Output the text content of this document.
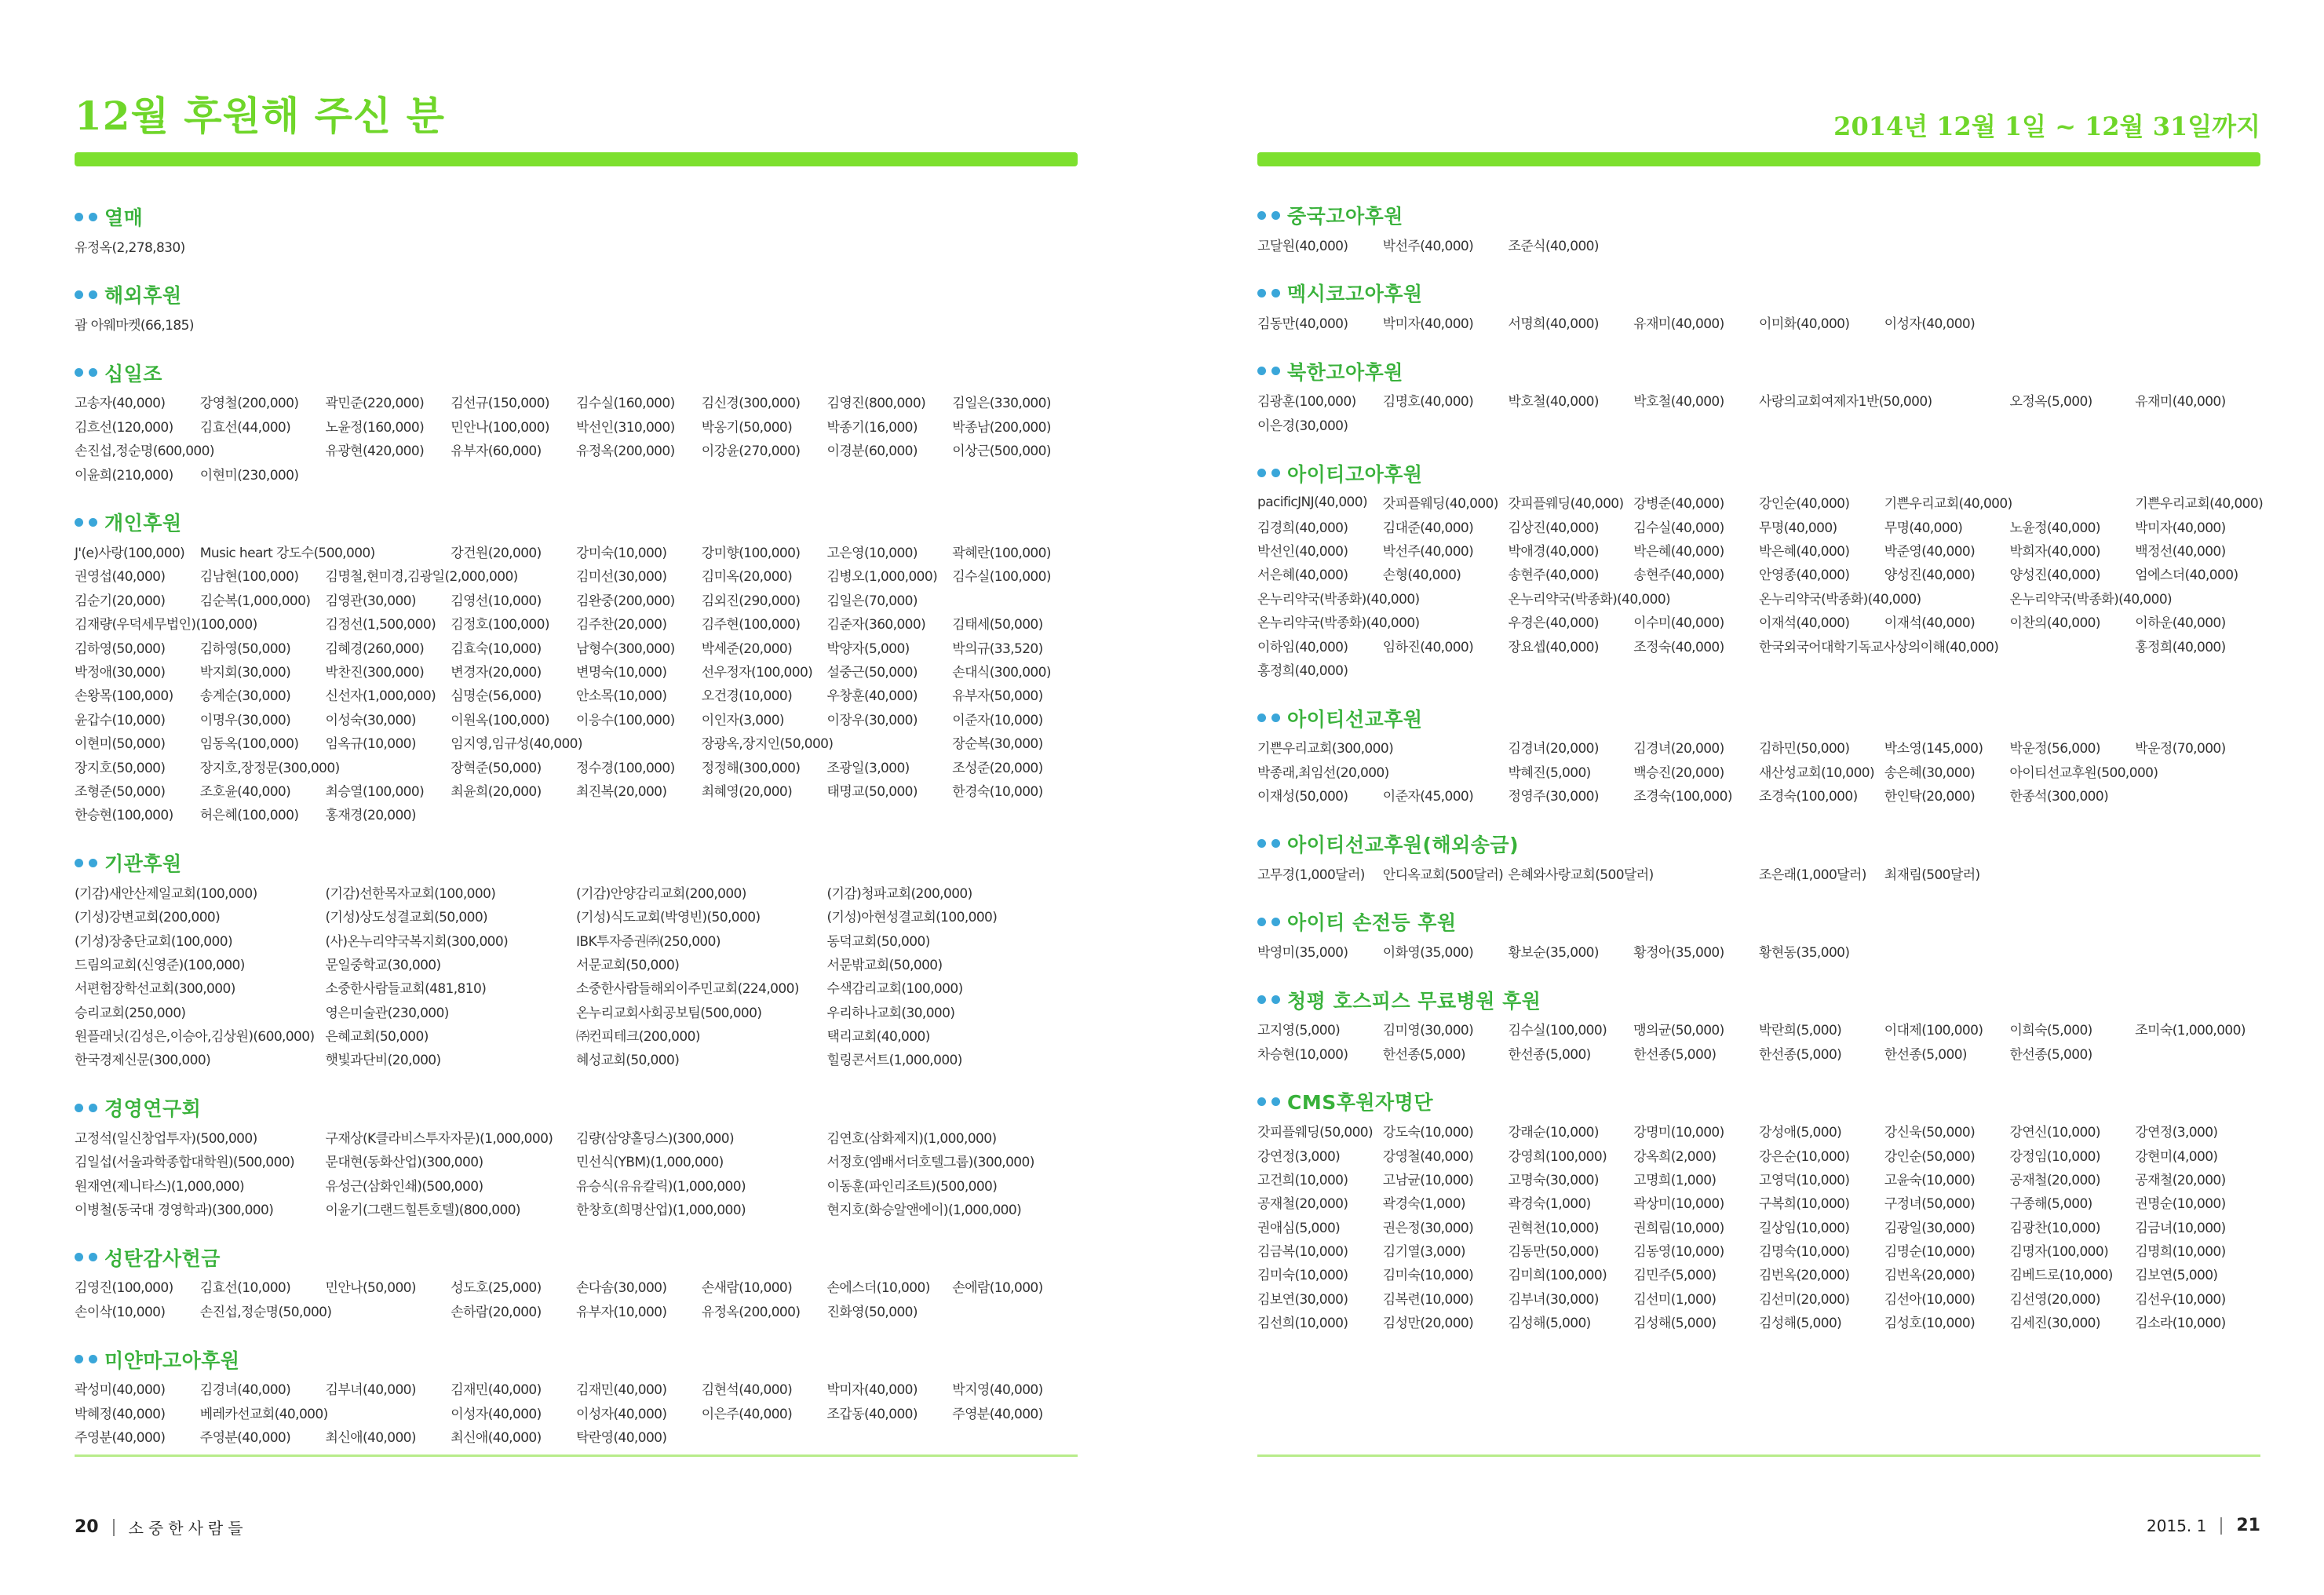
12월 후원해 주신 분
열매
유정옥(2,278,830)
해외후원
괌 아웨마켓(66,185)
십일조
고송자(40,000)	강영철(200,000)	곽민준(220,000)	김선규(150,000)	김수실(160,000)	김신경(300,000)	김영진(800,000)	김일은(330,000)
김흐선(120,000)	김효선(44,000)	노윤정(160,000)	민안나(100,000)	박선인(310,000)	박옹기(50,000)	박종기(16,000)	박종남(200,000)
손진섭,정순명(600,000)	유광현(420,000)	유부자(60,000)	유정옥(200,000)	이강윤(270,000)	이경분(60,000)	이상근(500,000)
이윤희(210,000)	이현미(230,000)
개인후원
J'(e)사랑(100,000)	Music heart 강도수(500,000)	강건원(20,000)	강미숙(10,000)	강미향(100,000)	고은영(10,000)	곽혜란(100,000)
권영섭(40,000)	김남현(100,000)	김명철,현미경,김광일(2,000,000)	김미선(30,000)	김미옥(20,000)	김병오(1,000,000)	김수실(100,000)
김순기(20,000)	김순복(1,000,000)	김영관(30,000)	김영선(10,000)	김완중(200,000)	김외진(290,000)	김일은(70,000)
김재량(우덕세무법인)(100,000)	김정선(1,500,000)	김정호(100,000)	김주찬(20,000)	김주현(100,000)	김준자(360,000)	김태세(50,000)
김하영(50,000)	김하영(50,000)	김혜경(260,000)	김효숙(10,000)	남형수(300,000)	박세준(20,000)	박양자(5,000)	박의규(33,520)
박정애(30,000)	박지회(30,000)	박찬진(300,000)	변경자(20,000)	변명숙(10,000)	선우정자(100,000)	설중근(50,000)	손대식(300,000)
손왕목(100,000)	송계순(30,000)	신선자(1,000,000)	심명순(56,000)	안소목(10,000)	오건경(10,000)	우창훈(40,000)	유부자(50,000)
윤갑수(10,000)	이명우(30,000)	이성숙(30,000)	이원옥(100,000)	이응수(100,000)	이인자(3,000)	이장우(30,000)	이준자(10,000)
이현미(50,000)	임동옥(100,000)	임옥규(10,000)	임지영,임규성(40,000)	장광옥,장지인(50,000)	장순복(30,000)
장지호(50,000)	장지호,장정문(300,000)	장혁준(50,000)	정수경(100,000)	정정해(300,000)	조광일(3,000)	조성준(20,000)
조형준(50,000)	조호윤(40,000)	최승열(100,000)	최윤희(20,000)	최진복(20,000)	최혜영(20,000)	태명교(50,000)	한경숙(10,000)
한승현(100,000)	허은혜(100,000)	홍재경(20,000)
기관후원
(기감)새안산제일교회(100,000)	(기감)선한목자교회(100,000)	(기감)안양감리교회(200,000)	(기감)청파교회(200,000)
(기성)강변교회(200,000)	(기성)상도성결교회(50,000)	(기성)식도교회(박영빈)(50,000)	(기성)아현성결교회(100,000)
(기성)장충단교회(100,000)	(사)온누리약국복지회(300,000)	IBK투자증권㈜(250,000)	동덕교회(50,000)
드림의교회(신영준)(100,000)	문일중학교(30,000)	서문교회(50,000)	서문밖교회(50,000)
서편험장학선교회(300,000)	소중한사람들교회(481,810)	소중한사람들해외이주민교회(224,000)	수색감리교회(100,000)
승리교회(250,000)	영은미술관(230,000)	온누리교회사회공보팀(500,000)	우리하나교회(30,000)
원플래닛(김성은,이승아,김상원)(600,000) 은혜교회(50,000)	㈜컨피테크(200,000)	택리교회(40,000)
한국경제신문(300,000)	햇빛과단비(20,000)	혜성교회(50,000)	힐링콘서트(1,000,000)
경영연구회
고정석(일신창업투자)(500,000)	구재상(K클라비스투자자문)(1,000,000)	김량(삼양홀딩스)(300,000)	김연호(삼화제지)(1,000,000)
김일섭(서울과학종합대학원)(500,000)	문대현(동화산업)(300,000)	민선식(YBM)(1,000,000)	서정호(엠배서더호텔그룹)(300,000)
원재연(제니타스)(1,000,000)	유성근(삼화인쇄)(500,000)	유승식(유유칼릭)(1,000,000)	이동훈(파인리조트)(500,000)
이병철(동국대 경영학과)(300,000)	이윤기(그랜드힐튼호텔)(800,000)	한창호(희명산업)(1,000,000)	현지호(화승알앤에이)(1,000,000)
성탄감사헌금
김영진(100,000)	김효선(10,000)	민안나(50,000)	성도호(25,000)	손다솜(30,000)	손새람(10,000)	손에스더(10,000)	손에람(10,000)
손이삭(10,000)	손진섭,정순명(50,000)	손하람(20,000)	유부자(10,000)	유정옥(200,000)	진화영(50,000)
미얀마고아후원
곽성미(40,000)	김경녀(40,000)	김부녀(40,000)	김재민(40,000)	김재민(40,000)	김현석(40,000)	박미자(40,000)	박지영(40,000)
박혜정(40,000)	베레카선교회(40,000)	이성자(40,000)	이성자(40,000)	이은주(40,000)	조갑동(40,000)	주영분(40,000)
주영분(40,000)	주영분(40,000)	최신애(40,000)	최신애(40,000)	탁란영(40,000)
20 소중한사람들
2014년 12월 1일 ~ 12월 31일까지
중국고아후원
고달원(40,000)	박선주(40,000)	조준식(40,000)
멕시코고아후원
김동만(40,000)	박미자(40,000)	서명희(40,000)	유재미(40,000)	이미화(40,000)	이성자(40,000)
북한고아후원
김광훈(100,000)	김명호(40,000)	박호철(40,000)	박호철(40,000)	사랑의교회여제자1반(50,000)	오정옥(5,000)	유재미(40,000)
이은경(30,000)
아이티고아후원
pacificJNJ(40,000)	갓피플웨딩(40,000) 갓피플웨딩(40,000) 강병준(40,000)	강인순(40,000)	기쁜우리교회(40,000)	기쁜우리교회(40,000)
김경희(40,000)	김대준(40,000)	김상진(40,000)	김수실(40,000)	무명(40,000)	무명(40,000)	노윤정(40,000)	박미자(40,000)
박선인(40,000)	박선주(40,000)	박애경(40,000)	박은혜(40,000)	박은혜(40,000)	박준영(40,000)	박희자(40,000)	백정선(40,000)
서은혜(40,000)	손형(40,000)	송현주(40,000)	송현주(40,000)	안영종(40,000)	양성진(40,000)	양성진(40,000)	엄에스더(40,000)
온누리약국(박종화)(40,000)	온누리약국(박종화)(40,000)	온누리약국(박종화)(40,000)	온누리약국(박종화)(40,000)
온누리약국(박종화)(40,000)	우경은(40,000)	이수미(40,000)	이재석(40,000)	이재석(40,000)	이찬의(40,000)	이하운(40,000)
이하임(40,000)	임하진(40,000)	장요셉(40,000)	조정숙(40,000)	한국외국어대학기독교사상의이해(40,000)	홍정희(40,000)
홍정희(40,000)
아이티선교후원
기쁜우리교회(300,000)	김경녀(20,000)	김경녀(20,000)	김하민(50,000)	박소영(145,000)	박운정(56,000)	박운정(70,000)
박종래,최임선(20,000)	박혜진(5,000)	백승진(20,000)	새산성교회(10,000) 송은혜(30,000)	아이티선교후원(500,000)
이재성(50,000)	이준자(45,000)	정영주(30,000)	조경숙(100,000)	조경숙(100,000)	한인탁(20,000)	한종석(300,000)
아이티선교후원(해외송금)
고무경(1,000달러)	안디옥교회(500달러) 은혜와사랑교회(500달러)	조은래(1,000달러)	최재림(500달러)
아이티 손전등 후원
박영미(35,000)	이화영(35,000)	황보순(35,000)	황정아(35,000)	황현동(35,000)
청평 호스피스 무료병원 후원
고지영(5,000)	김미영(30,000)	김수실(100,000)	맹의균(50,000)	박란희(5,000)	이대제(100,000)	이희숙(5,000)	조미숙(1,000,000)
차승현(10,000)	한선종(5,000)	한선종(5,000)	한선종(5,000)	한선종(5,000)	한선종(5,000)	한선종(5,000)
CMS후원자명단
갓피플웨딩(50,000) 강도숙(10,000)	강래순(10,000)	강명미(10,000)	강성애(5,000)	강신욱(50,000)	강연신(10,000)	강연정(3,000)
강연정(3,000)	강영철(40,000)	강영희(100,000)	강옥희(2,000)	강은순(10,000)	강인순(50,000)	강정임(10,000)	강현미(4,000)
고건희(10,000)	고남균(10,000)	고명숙(30,000)	고명희(1,000)	고영덕(10,000)	고윤숙(10,000)	공재철(20,000)	공재철(20,000)
공재철(20,000)	곽경숙(1,000)	곽경숙(1,000)	곽상미(10,000)	구복희(10,000)	구정녀(50,000)	구종해(5,000)	권명순(10,000)
권애심(5,000)	권은정(30,000)	권혁천(10,000)	권희림(10,000)	길상임(10,000)	김광일(30,000)	김광찬(10,000)	김금녀(10,000)
김금복(10,000)	김기열(3,000)	김동만(50,000)	김동영(10,000)	김명숙(10,000)	김명순(10,000)	김명자(100,000)	김명희(10,000)
김미숙(10,000)	김미숙(10,000)	김미희(100,000)	김민주(5,000)	김번옥(20,000)	김번옥(20,000)	김베드로(10,000)	김보연(5,000)
김보연(30,000)	김복련(10,000)	김부녀(30,000)	김선미(1,000)	김선미(20,000)	김선아(10,000)	김선영(20,000)	김선우(10,000)
김선희(10,000)	김성만(20,000)	김성해(5,000)	김성해(5,000)	김성해(5,000)	김성호(10,000)	김세진(30,000)	김소라(10,000)
2015. 1 21
